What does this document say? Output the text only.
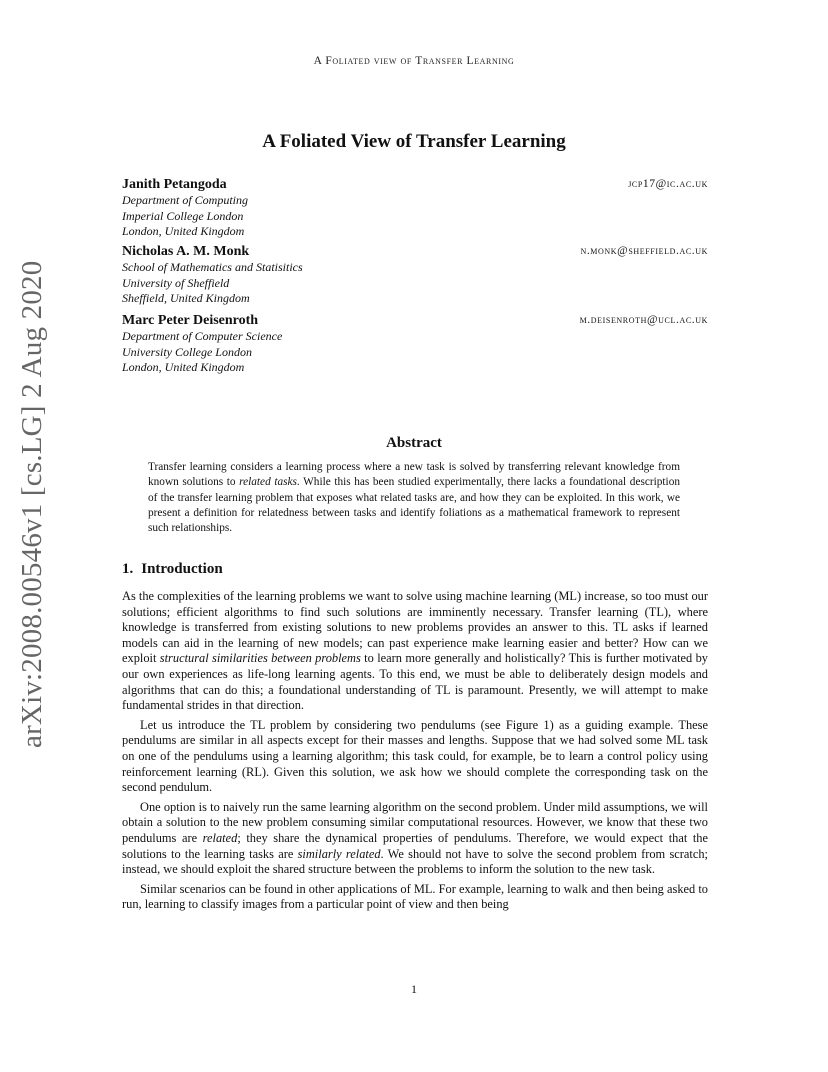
A Foliated view of Transfer Learning
arXiv:2008.00546v1 [cs.LG] 2 Aug 2020
A Foliated View of Transfer Learning
Janith Petangoda	jcp17@ic.ac.uk
Department of Computing
Imperial College London
London, United Kingdom
Nicholas A. M. Monk	n.monk@sheffield.ac.uk
School of Mathematics and Statisitics
University of Sheffield
Sheffield, United Kingdom
Marc Peter Deisenroth	m.deisenroth@ucl.ac.uk
Department of Computer Science
University College London
London, United Kingdom
Abstract
Transfer learning considers a learning process where a new task is solved by transferring relevant knowledge from known solutions to related tasks. While this has been studied experimentally, there lacks a foundational description of the transfer learning problem that exposes what related tasks are, and how they can be exploited. In this work, we present a definition for relatedness between tasks and identify foliations as a mathematical framework to represent such relationships.
1. Introduction

As the complexities of the learning problems we want to solve using machine learning (ML) increase, so too must our solutions; efficient algorithms to find such solutions are imminently necessary. Transfer learning (TL), where knowledge is transferred from existing solutions to new problems provides an answer to this. TL asks if learned models can aid in the learning of new models; can past experience make learning easier and better? How can we exploit structural similarities between problems to learn more generally and holistically? This is further motivated by our own experiences as life-long learning agents. To this end, we must be able to deliberately design models and algorithms that can do this; a foundational understanding of TL is paramount. Presently, we will attempt to make fundamental strides in that direction.

Let us introduce the TL problem by considering two pendulums (see Figure 1) as a guiding example. These pendulums are similar in all aspects except for their masses and lengths. Suppose that we had solved some ML task on one of the pendulums using a learning algorithm; this task could, for example, be to learn a control policy using reinforcement learning (RL). Given this solution, we ask how we should complete the corresponding task on the second pendulum.

One option is to naively run the same learning algorithm on the second problem. Under mild assumptions, we will obtain a solution to the new problem consuming similar computational resources. However, we know that these two pendulums are related; they share the dynamical properties of pendulums. Therefore, we would expect that the solutions to the learning tasks are similarly related. We should not have to solve the second problem from scratch; instead, we should exploit the shared structure between the problems to inform the solution to the new task.

Similar scenarios can be found in other applications of ML. For example, learning to walk and then being asked to run, learning to classify images from a particular point of view and then being

1
